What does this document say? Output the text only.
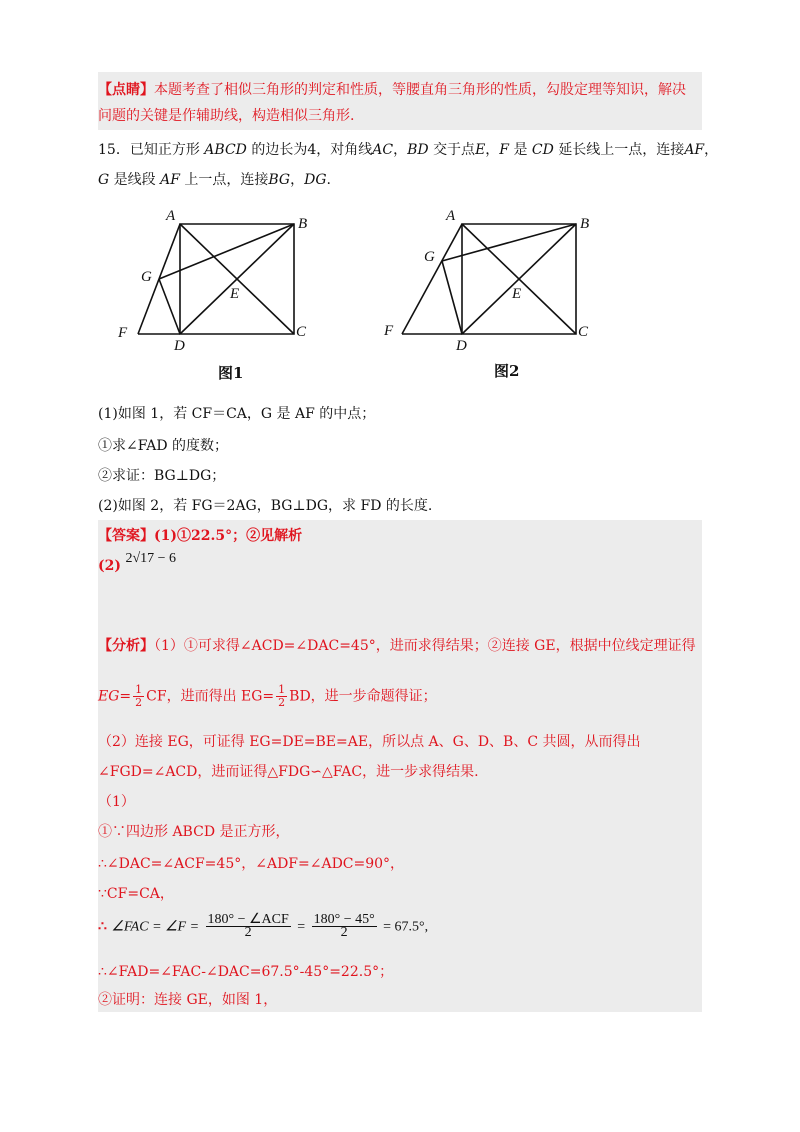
【点睛】本题考查了相似三角形的判定和性质，等腰直角三角形的性质，勾股定理等知识，解决
问题的关键是作辅助线，构造相似三角形.
15．已知正方形 ABCD 的边长为4，对角线AC，BD 交于点E，F 是 CD 延长线上一点，连接AF，
G 是线段 AF 上一点，连接BG，DG.
A	B
C
D
E
F
G
图1
A	B
C
D
E
F
G
图2
(1)如图 1，若 CF＝CA，G 是 AF 的中点；
①求∠FAD 的度数；
②求证：BG⊥DG；
(2)如图 2，若 FG＝2AG，BG⊥DG，求 FD 的长度.
【答案】(1)①22.5°；②见解析
(2) 2√17 − 6
【分析】（1）①可求得∠ACD=∠DAC=45°，进而求得结果；②连接 GE，根据中位线定理证得
$EG= \frac{1}{2}$ CF，进而得出 $EG= \frac{1}{2}$ BD，进一步命题得证；
（2）连接 EG，可证得 EG=DE=BE=AE，所以点 A、G、D、B、C 共圆，从而得出
∠FGD=∠ACD，进而证得△FDG∽△FAC，进一步求得结果.
（1）
①∵四边形 ABCD 是正方形，
∴∠DAC=∠ACF=45°，∠ADF=∠ADC=90°，
∵CF=CA，
∴ ∠FAC = ∠F = $\frac{\text{180° − ∠ACF}}{2} = \frac{180^\circ - 45^\circ}{2} = 67.5^\circ$,
∴∠FAD=∠FAC-∠DAC=67.5°-45°=22.5°；
②证明：连接 GE，如图 1，
